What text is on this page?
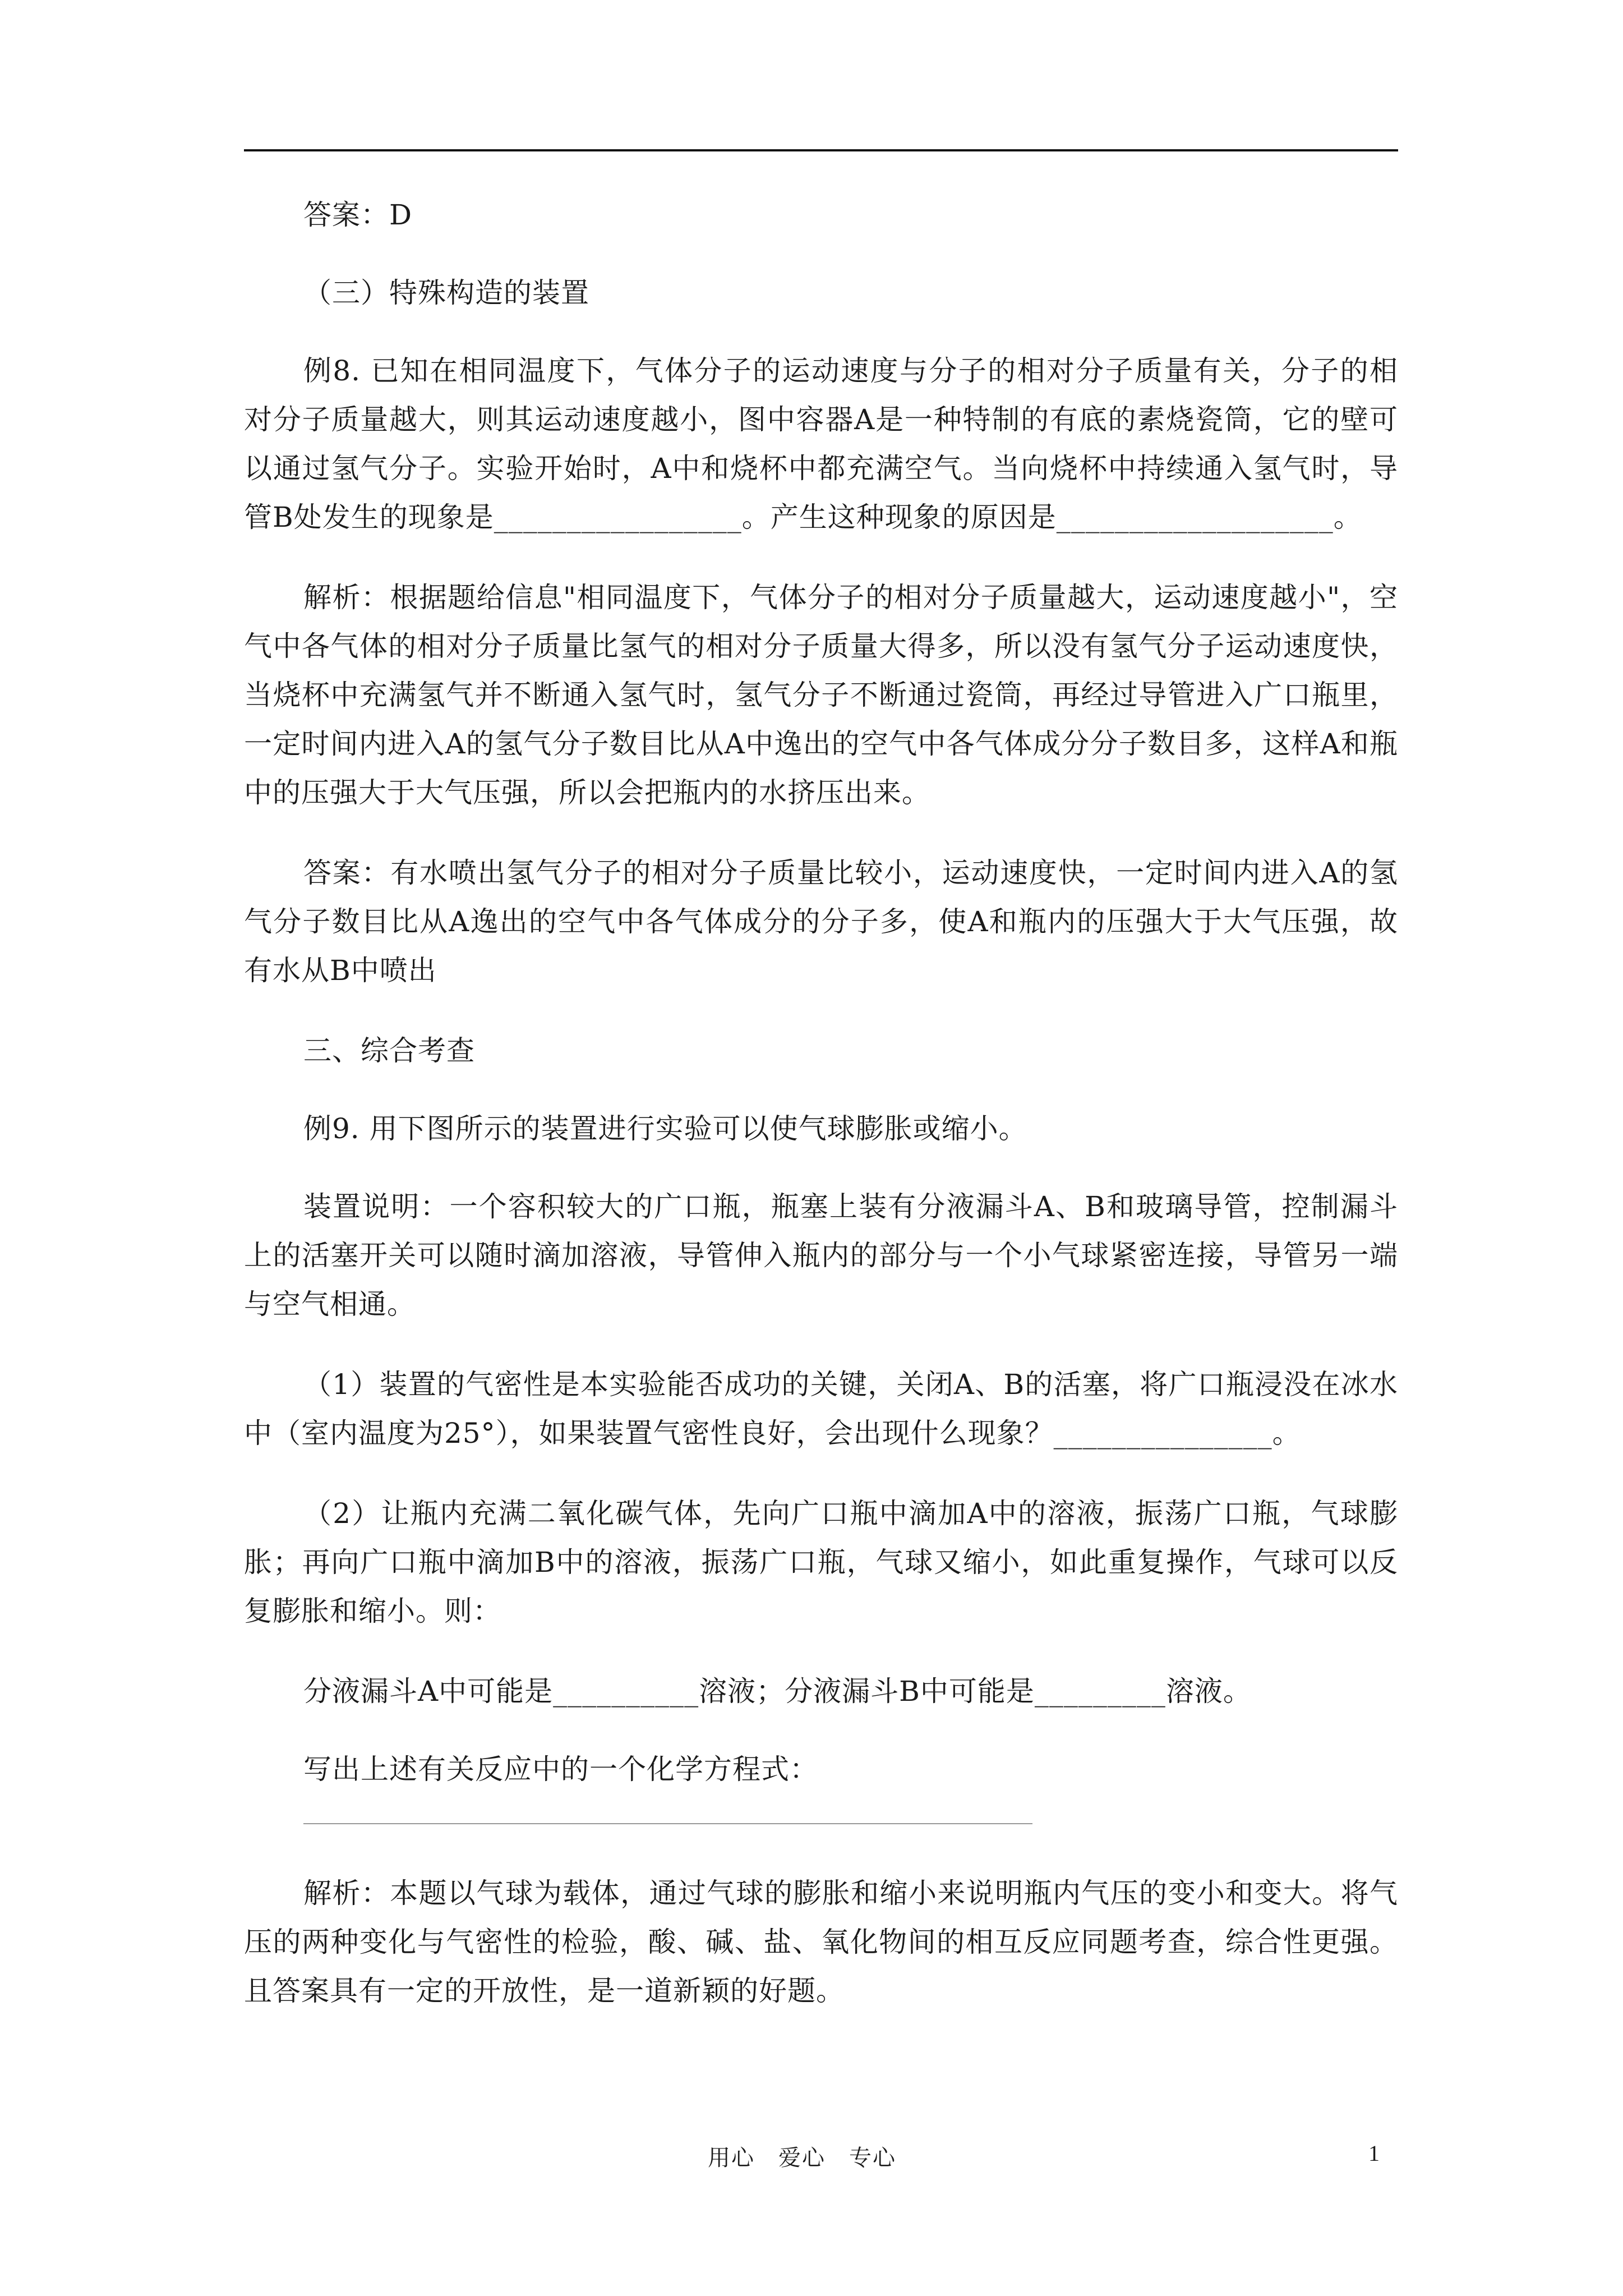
答案：D

（三）特殊构造的装置

例8. 已知在相同温度下，气体分子的运动速度与分子的相对分子质量有关，分子的相对分子质量越大，则其运动速度越小，图中容器A是一种特制的有底的素烧瓷筒，它的壁可以通过氢气分子。实验开始时，A中和烧杯中都充满空气。当向烧杯中持续通入氢气时，导管B处发生的现象是_________________。产生这种现象的原因是___________________。

解析：根据题给信息"相同温度下，气体分子的相对分子质量越大，运动速度越小"，空气中各气体的相对分子质量比氢气的相对分子质量大得多，所以没有氢气分子运动速度快，当烧杯中充满氢气并不断通入氢气时，氢气分子不断通过瓷筒，再经过导管进入广口瓶里，一定时间内进入A的氢气分子数目比从A中逸出的空气中各气体成分分子数目多，这样A和瓶中的压强大于大气压强，所以会把瓶内的水挤压出来。

答案：有水喷出氢气分子的相对分子质量比较小，运动速度快，一定时间内进入A的氢气分子数目比从A逸出的空气中各气体成分的分子多，使A和瓶内的压强大于大气压强，故有水从B中喷出

三、综合考查

例9. 用下图所示的装置进行实验可以使气球膨胀或缩小。

装置说明：一个容积较大的广口瓶，瓶塞上装有分液漏斗A、B和玻璃导管，控制漏斗上的活塞开关可以随时滴加溶液，导管伸入瓶内的部分与一个小气球紧密连接，导管另一端与空气相通。

（1）装置的气密性是本实验能否成功的关键，关闭A、B的活塞，将广口瓶浸没在冰水中（室内温度为25°），如果装置气密性良好，会出现什么现象？_______________。

（2）让瓶内充满二氧化碳气体，先向广口瓶中滴加A中的溶液，振荡广口瓶，气球膨胀；再向广口瓶中滴加B中的溶液，振荡广口瓶，气球又缩小，如此重复操作，气球可以反复膨胀和缩小。则：

分液漏斗A中可能是__________溶液；分液漏斗B中可能是_________溶液。

写出上述有关反应中的一个化学方程式：

解析：本题以气球为载体，通过气球的膨胀和缩小来说明瓶内气压的变小和变大。将气压的两种变化与气密性的检验，酸、碱、盐、氧化物间的相互反应同题考查，综合性更强。且答案具有一定的开放性，是一道新颖的好题。

用心　爱心　专心	1
